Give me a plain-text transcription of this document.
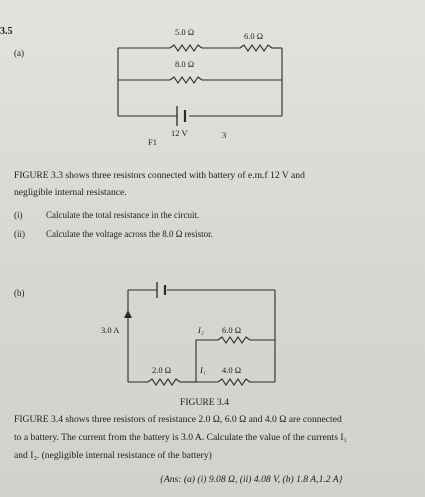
3.5
(a)
5.0 Ω	6.0 Ω
8.0 Ω
12 V
F1
3
FIGURE 3.3 shows three resistors connected with battery of e.m.f 12 V and
negligible internal resistance.
(i)	Calculate the total resistance in the circuit.
(ii) Calculate the voltage across the 8.0 Ω resistor.
(b)
3.0 A	I₂ 6.0 Ω
2.0 Ω	I₁ 4.0 Ω
FIGURE 3.4
FIGURE 3.4 shows three resistors of resistance 2.0 Ω, 6.0 Ω and 4.0 Ω are connected
to a battery. The current from the battery is 3.0 A. Calculate the value of the currents I₁
and I₂. (negligible internal resistance of the battery)
{Ans: (a) (i) 9.08 Ω, (ii) 4.08 V, (b) 1.8 A,1.2 A}
